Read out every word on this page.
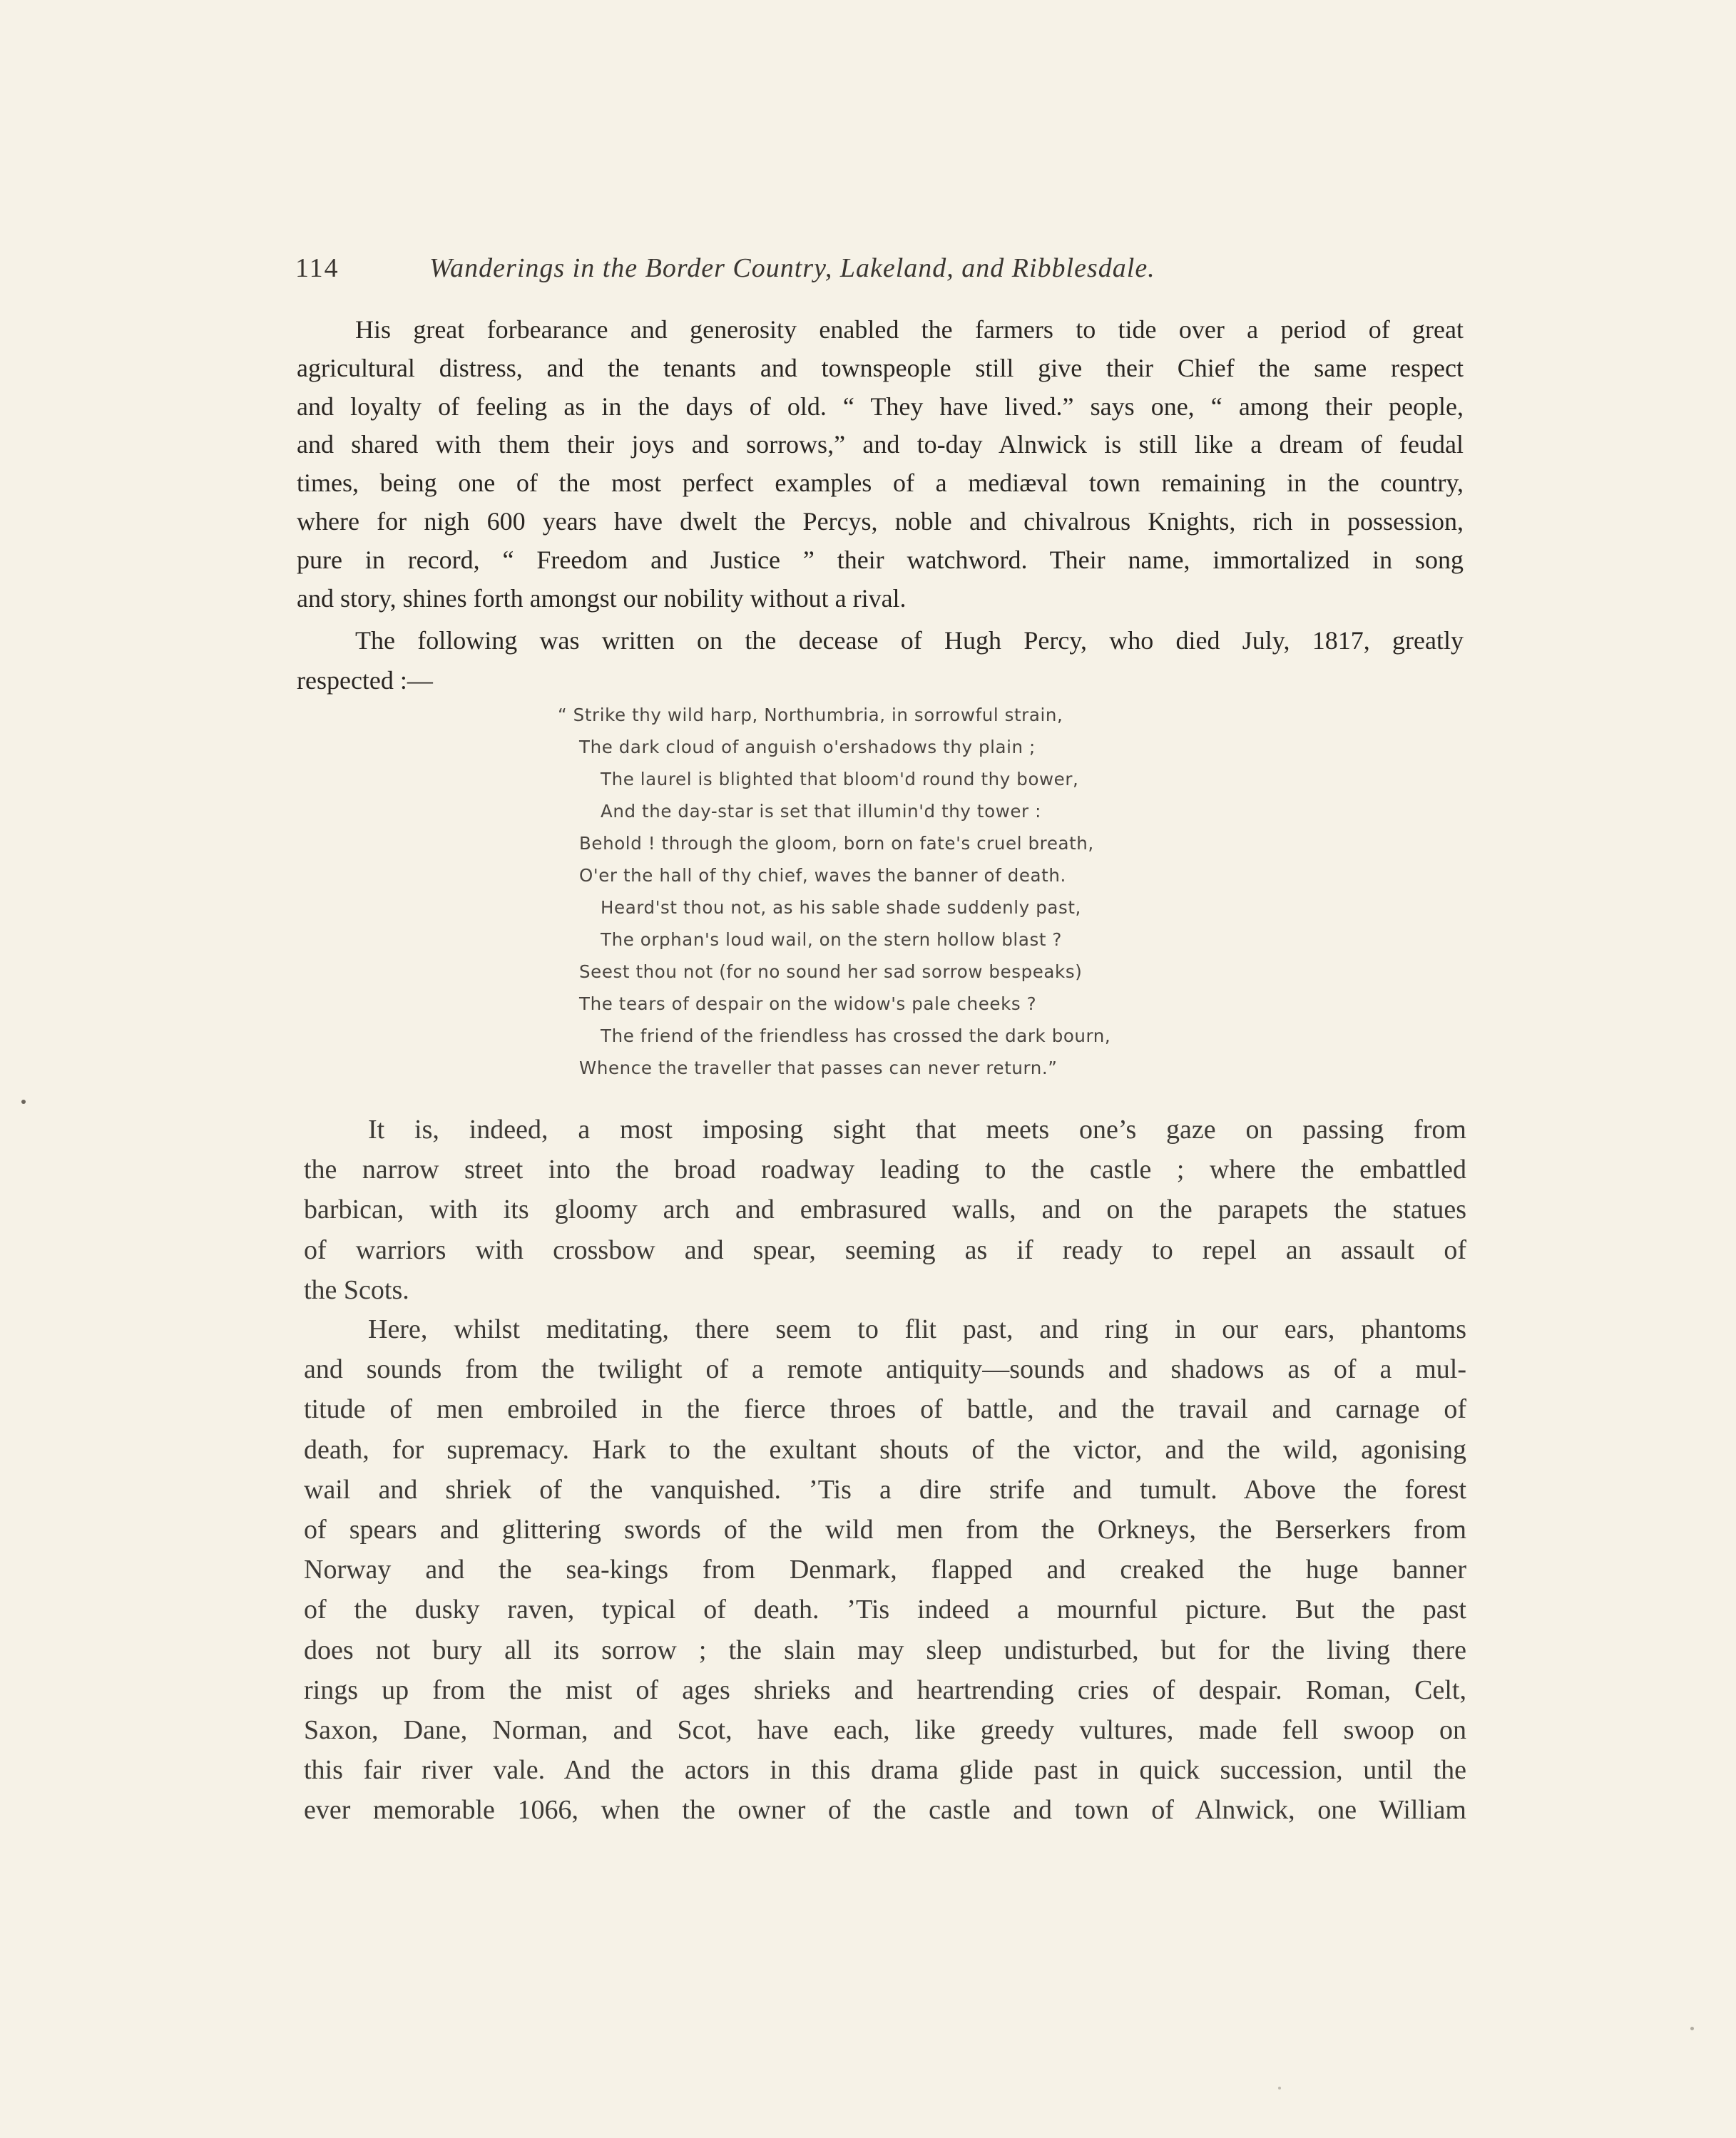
114	Wanderings in the Border Country, Lakeland, and Ribblesdale.
His great forbearance and generosity enabled the farmers to tide over a period of great
agricultural distress, and the tenants and townspeople still give their Chief the same respect
and loyalty of feeling as in the days of old. “ They have lived.” says one, “ among their people,
and shared with them their joys and sorrows,” and to-day Alnwick is still like a dream of feudal
times, being one of the most perfect examples of a mediæval town remaining in the country,
where for nigh 600 years have dwelt the Percys, noble and chivalrous Knights, rich in possession,
pure in record, “ Freedom and Justice ” their watchword. Their name, immortalized in song
and story, shines forth amongst our nobility without a rival.
The following was written on the decease of Hugh Percy, who died July, 1817, greatly
respected :—
“ Strike thy wild harp, Northumbria, in sorrowful strain,
The dark cloud of anguish o'ershadows thy plain ;
The laurel is blighted that bloom'd round thy bower,
And the day-star is set that illumin'd thy tower :
Behold ! through the gloom, born on fate's cruel breath,
O'er the hall of thy chief, waves the banner of death.
Heard'st thou not, as his sable shade suddenly past,
The orphan's loud wail, on the stern hollow blast ?
Seest thou not (for no sound her sad sorrow bespeaks)
The tears of despair on the widow's pale cheeks ?
The friend of the friendless has crossed the dark bourn,
Whence the traveller that passes can never return.”
It is, indeed, a most imposing sight that meets one’s gaze on passing from
the narrow street into the broad roadway leading to the castle ; where the embattled
barbican, with its gloomy arch and embrasured walls, and on the parapets the statues
of warriors with crossbow and spear, seeming as if ready to repel an assault of
the Scots.
Here, whilst meditating, there seem to flit past, and ring in our ears, phantoms
and sounds from the twilight of a remote antiquity—sounds and shadows as of a mul-
titude of men embroiled in the fierce throes of battle, and the travail and carnage of
death, for supremacy. Hark to the exultant shouts of the victor, and the wild, agonising
wail and shriek of the vanquished. ’Tis a dire strife and tumult. Above the forest
of spears and glittering swords of the wild men from the Orkneys, the Berserkers from
Norway and the sea-kings from Denmark, flapped and creaked the huge banner
of the dusky raven, typical of death. ’Tis indeed a mournful picture. But the past
does not bury all its sorrow ; the slain may sleep undisturbed, but for the living there
rings up from the mist of ages shrieks and heartrending cries of despair. Roman, Celt,
Saxon, Dane, Norman, and Scot, have each, like greedy vultures, made fell swoop on
this fair river vale. And the actors in this drama glide past in quick succession, until the
ever memorable 1066, when the owner of the castle and town of Alnwick, one William
